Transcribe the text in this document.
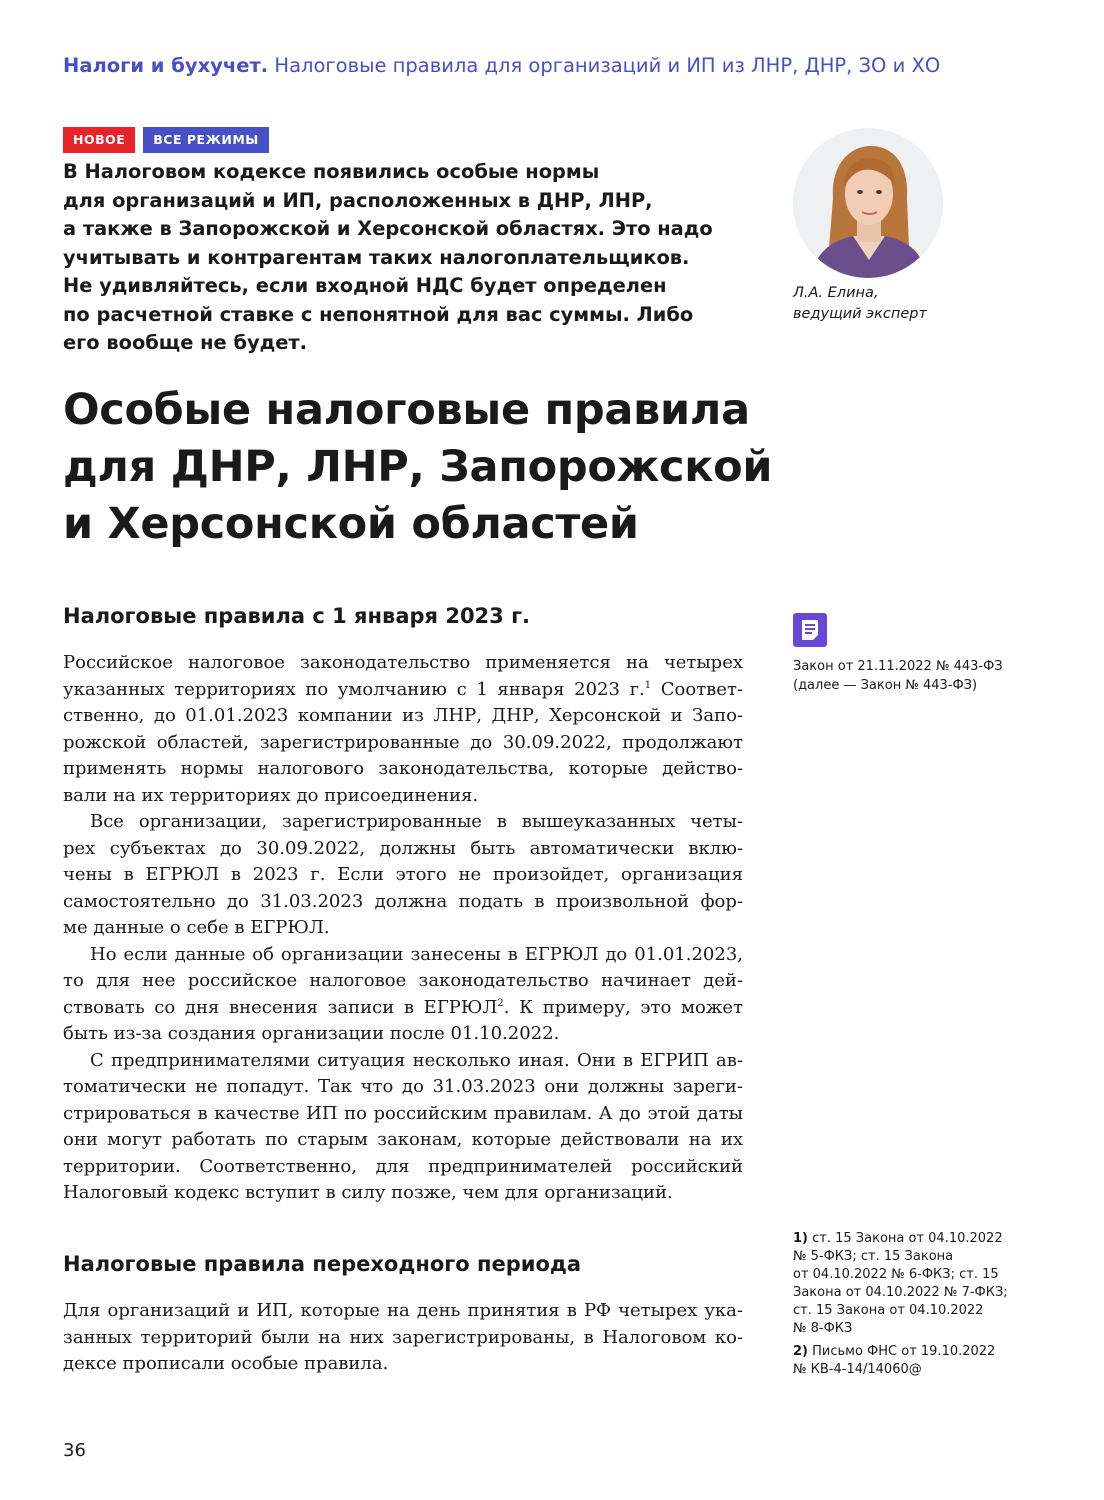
Налоги и бухучет. Налоговые правила для организаций и ИП из ЛНР, ДНР, ЗО и ХО
НОВОЕ	ВСЕ РЕЖИМЫ
В Налоговом кодексе появились особые нормы
для организаций и ИП, расположенных в ДНР, ЛНР,
а также в Запорожской и Херсонской областях. Это надо
учитывать и контрагентам таких налогоплательщиков.
Не удивляйтесь, если входной НДС будет определен
по расчетной ставке с непонятной для вас суммы. Либо
его вообще не будет.
Л.А. Елина,
ведущий эксперт
Особые налоговые правила
для ДНР, ЛНР, Запорожской
и Херсонской областей
Налоговые правила с 1 января 2023 г.

Российское налоговое законодательство применяется на четырех
указанных территориях по умолчанию с 1 января 2023 г.$^1$ Соответ-
ственно, до 01.01.2023 компании из ЛНР, ДНР, Херсонской и Запо-
рожской областей, зарегистрированные до 30.09.2022, продолжают
применять нормы налогового законодательства, которые действо-
вали на их территориях до присоединения.

Все организации, зарегистрированные в вышеуказанных четы-
рех субъектах до 30.09.2022, должны быть автоматически вклю-
чены в ЕГРЮЛ в 2023 г. Если этого не произойдет, организация
самостоятельно до 31.03.2023 должна подать в произвольной фор-
ме данные о себе в ЕГРЮЛ.

Но если данные об организации занесены в ЕГРЮЛ до 01.01.2023,
то для нее российское налоговое законодательство начинает дей-
ствовать со дня внесения записи в ЕГРЮЛ$^2$. К примеру, это может
быть из-за создания организации после 01.10.2022.

С предпринимателями ситуация несколько иная. Они в ЕГРИП ав-
томатически не попадут. Так что до 31.03.2023 они должны зареги-
стрироваться в качестве ИП по российским правилам. А до этой даты
они могут работать по старым законам, которые действовали на их
территории. Соответственно, для предпринимателей российский
Налоговый кодекс вступит в силу позже, чем для организаций.

Налоговые правила переходного периода

Для организаций и ИП, которые на день принятия в РФ четырех ука-
занных территорий были на них зарегистрированы, в Налоговом ко-
дексе прописали особые правила.

Закон от 21.11.2022 № 443-ФЗ
(далее — Закон № 443-ФЗ)
1) ст. 15 Закона от 04.10.2022
№ 5-ФКЗ; ст. 15 Закона
от 04.10.2022 № 6-ФКЗ; ст. 15
Закона от 04.10.2022 № 7-ФКЗ;
ст. 15 Закона от 04.10.2022
№ 8-ФКЗ
2) Письмо ФНС от 19.10.2022
№ КВ-4-14/14060@
36
